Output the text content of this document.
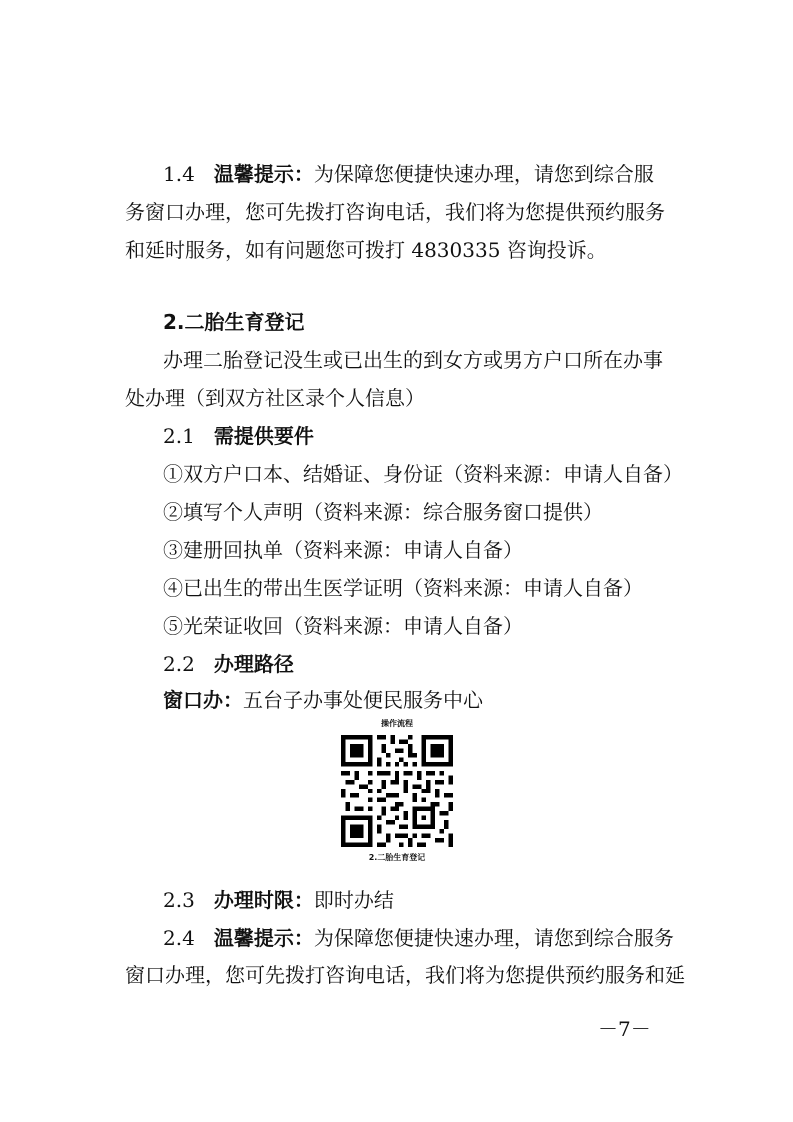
1.4 温馨提示：为保障您便捷快速办理，请您到综合服
务窗口办理，您可先拨打咨询电话，我们将为您提供预约服务
和延时服务，如有问题您可拨打 4830335 咨询投诉。
2.二胎生育登记
办理二胎登记没生或已出生的到女方或男方户口所在办事
处办理（到双方社区录个人信息）
2.1 需提供要件
①双方户口本、结婚证、身份证（资料来源：申请人自备）
②填写个人声明（资料来源：综合服务窗口提供）
③建册回执单（资料来源：申请人自备）
④已出生的带出生医学证明（资料来源：申请人自备）
⑤光荣证收回（资料来源：申请人自备）
2.2 办理路径
窗口办：五台子办事处便民服务中心
操作流程
2.二胎生育登记
2.3 办理时限：即时办结
2.4 温馨提示：为保障您便捷快速办理，请您到综合服务
窗口办理，您可先拨打咨询电话，我们将为您提供预约服务和延
－7－
